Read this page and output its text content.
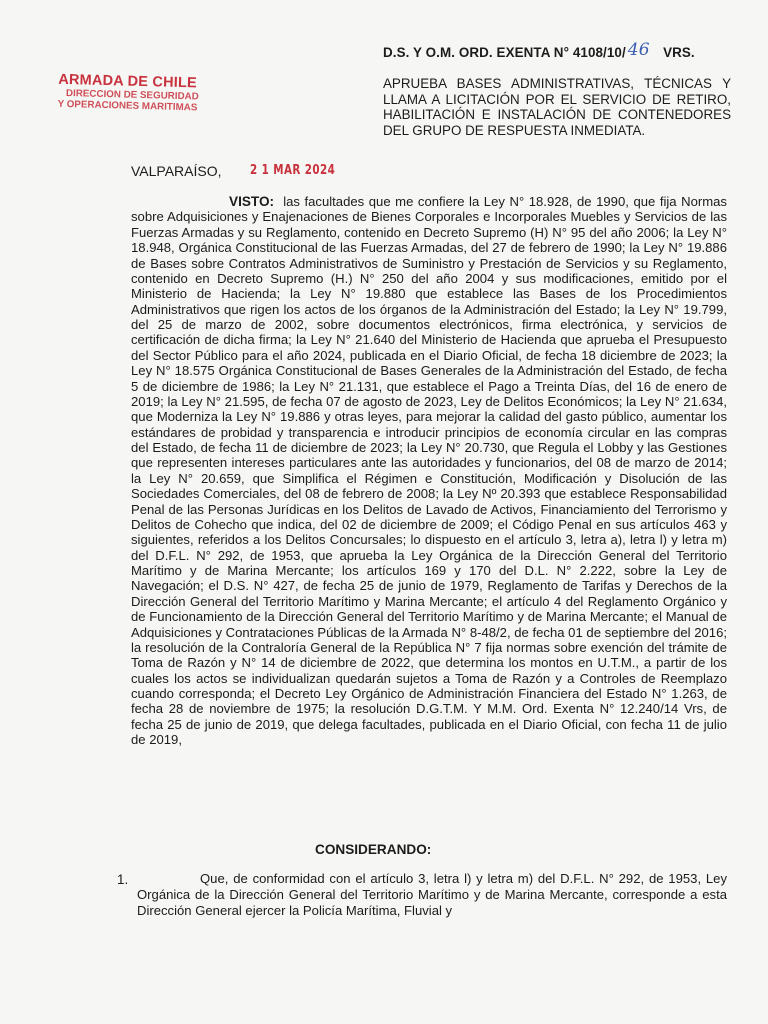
D.S. Y O.M. ORD. EXENTA N° 4108/10/ 46 VRS.
ARMADA DE CHILE
DIRECCION DE SEGURIDAD
Y OPERACIONES MARITIMAS
APRUEBA BASES ADMINISTRATIVAS, TÉCNICAS Y LLAMA A LICITACIÓN POR EL SERVICIO DE RETIRO, HABILITACIÓN E INSTALACIÓN DE CONTENEDORES DEL GRUPO DE RESPUESTA INMEDIATA.
VALPARAÍSO, 2 1 MAR 2024
VISTO: las facultades que me confiere la Ley N° 18.928, de 1990, que fija Normas sobre Adquisiciones y Enajenaciones de Bienes Corporales e Incorporales Muebles y Servicios de las Fuerzas Armadas y su Reglamento, contenido en Decreto Supremo (H) N° 95 del año 2006; la Ley N° 18.948, Orgánica Constitucional de las Fuerzas Armadas, del 27 de febrero de 1990; la Ley N° 19.886 de Bases sobre Contratos Administrativos de Suministro y Prestación de Servicios y su Reglamento, contenido en Decreto Supremo (H.) N° 250 del año 2004 y sus modificaciones, emitido por el Ministerio de Hacienda; la Ley N° 19.880 que establece las Bases de los Procedimientos Administrativos que rigen los actos de los órganos de la Administración del Estado; la Ley N° 19.799, del 25 de marzo de 2002, sobre documentos electrónicos, firma electrónica, y servicios de certificación de dicha firma; la Ley N° 21.640 del Ministerio de Hacienda que aprueba el Presupuesto del Sector Público para el año 2024, publicada en el Diario Oficial, de fecha 18 diciembre de 2023; la Ley N° 18.575 Orgánica Constitucional de Bases Generales de la Administración del Estado, de fecha 5 de diciembre de 1986; la Ley N° 21.131, que establece el Pago a Treinta Días, del 16 de enero de 2019; la Ley N° 21.595, de fecha 07 de agosto de 2023, Ley de Delitos Económicos; la Ley N° 21.634, que Moderniza la Ley N° 19.886 y otras leyes, para mejorar la calidad del gasto público, aumentar los estándares de probidad y transparencia e introducir principios de economía circular en las compras del Estado, de fecha 11 de diciembre de 2023; la Ley N° 20.730, que Regula el Lobby y las Gestiones que representen intereses particulares ante las autoridades y funcionarios, del 08 de marzo de 2014; la Ley N° 20.659, que Simplifica el Régimen e Constitución, Modificación y Disolución de las Sociedades Comerciales, del 08 de febrero de 2008; la Ley Nº 20.393 que establece Responsabilidad Penal de las Personas Jurídicas en los Delitos de Lavado de Activos, Financiamiento del Terrorismo y Delitos de Cohecho que indica, del 02 de diciembre de 2009; el Código Penal en sus artículos 463 y siguientes, referidos a los Delitos Concursales; lo dispuesto en el artículo 3, letra a), letra l) y letra m) del D.F.L. N° 292, de 1953, que aprueba la Ley Orgánica de la Dirección General del Territorio Marítimo y de Marina Mercante; los artículos 169 y 170 del D.L. N° 2.222, sobre la Ley de Navegación; el D.S. N° 427, de fecha 25 de junio de 1979, Reglamento de Tarifas y Derechos de la Dirección General del Territorio Marítimo y Marina Mercante; el artículo 4 del Reglamento Orgánico y de Funcionamiento de la Dirección General del Territorio Marítimo y de Marina Mercante; el Manual de Adquisiciones y Contrataciones Públicas de la Armada N° 8-48/2, de fecha 01 de septiembre del 2016; la resolución de la Contraloría General de la República N° 7 fija normas sobre exención del trámite de Toma de Razón y N° 14 de diciembre de 2022, que determina los montos en U.T.M., a partir de los cuales los actos se individualizan quedarán sujetos a Toma de Razón y a Controles de Reemplazo cuando corresponda; el Decreto Ley Orgánico de Administración Financiera del Estado N° 1.263, de fecha 28 de noviembre de 1975; la resolución D.G.T.M. Y M.M. Ord. Exenta N° 12.240/14 Vrs, de fecha 25 de junio de 2019, que delega facultades, publicada en el Diario Oficial, con fecha 11 de julio de 2019,
CONSIDERANDO:
1.	Que, de conformidad con el artículo 3, letra l) y letra m) del D.F.L. N° 292, de 1953, Ley Orgánica de la Dirección General del Territorio Marítimo y de Marina Mercante, corresponde a esta Dirección General ejercer la Policía Marítima, Fluvial y
